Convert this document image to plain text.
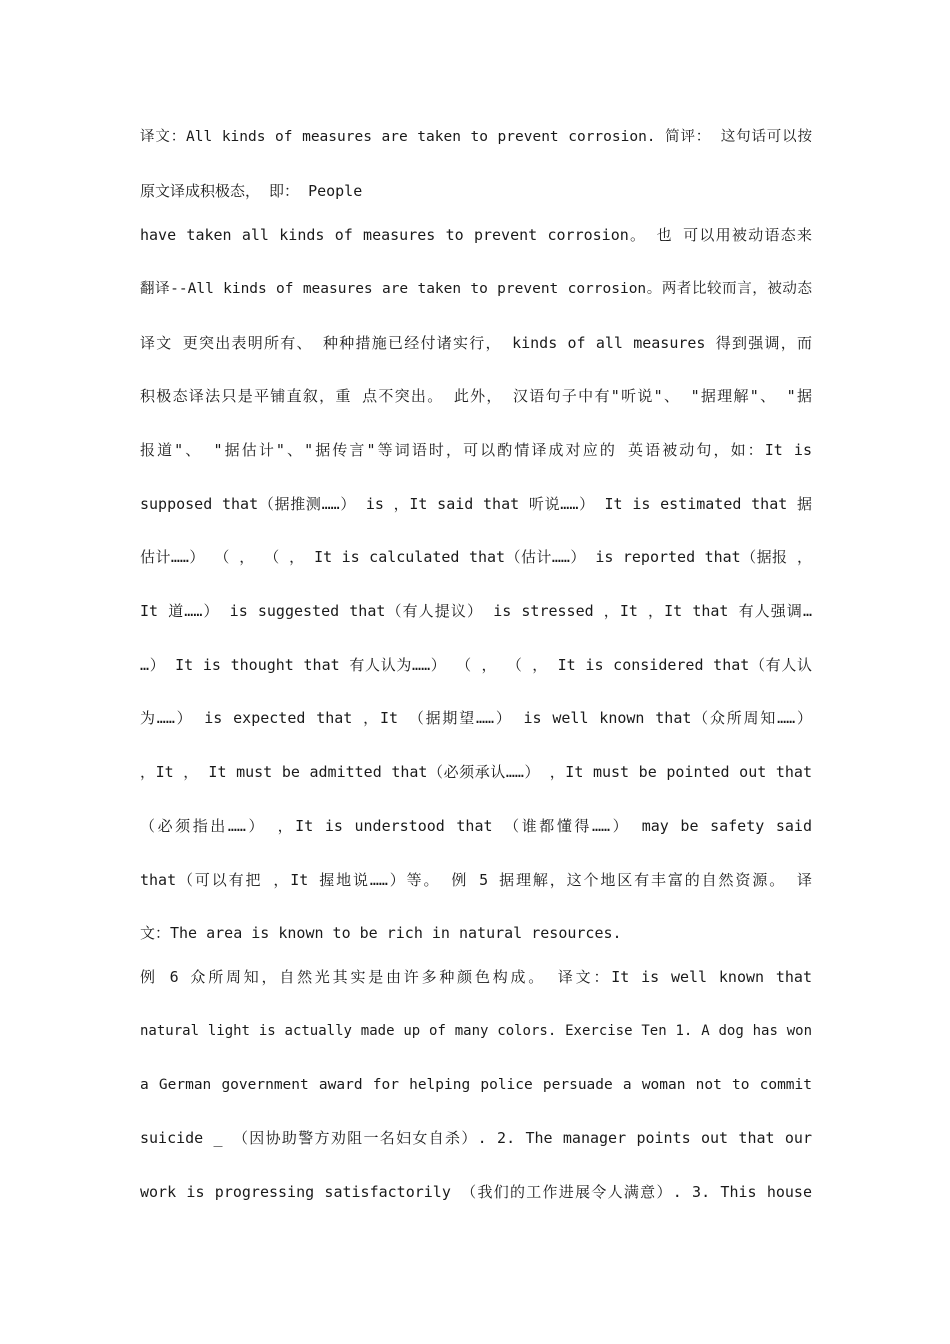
译文：All kinds of measures are taken to prevent corrosion. 简评： 这句话可以按
原文译成积极态， 即： People
have taken all kinds of measures to prevent corrosion。 也 可以用被动语态来
翻译--All kinds of measures are taken to prevent corrosion。两者比较而言，被动态
译文 更突出表明所有、 种种措施已经付诸实行， kinds of all measures 得到强调，而
积极态译法只是平铺直叙，重 点不突出。 此外， 汉语句子中有"听说"、 "据理解"、 "据
报道"、 "据估计"、"据传言"等词语时，可以酌情译成对应的 英语被动句，如：It is
supposed that（据推测……） is ，It said that 听说……） It is estimated that 据
估计……） （ ， （ ， It is calculated that（估计……） is reported that（据报 ，
It 道……） is suggested that（有人提议） is stressed ，It ，It that 有人强调…
…） It is thought that 有人认为……） （ ， （ ， It is considered that（有人认
为……） is expected that ，It （据期望……） is well known that（众所周知……）
，It ， It must be admitted that（必须承认……） ，It must be pointed out that
（必须指出……） ，It is understood that （谁都懂得……） may be safety said
that（可以有把 ，It 握地说……）等。 例 5 据理解，这个地区有丰富的自然资源。 译
文：The area is known to be rich in natural resources.
例 6 众所周知，自然光其实是由许多种颜色构成。 译文：It is well known that
natural light is actually made up of many colors. Exercise Ten 1. A dog has won
a German government award for helping police persuade a woman not to commit
suicide _ （因协助警方劝阻一名妇女自杀）. 2. The manager points out that our
work is progressing satisfactorily （我们的工作进展令人满意）. 3. This house
